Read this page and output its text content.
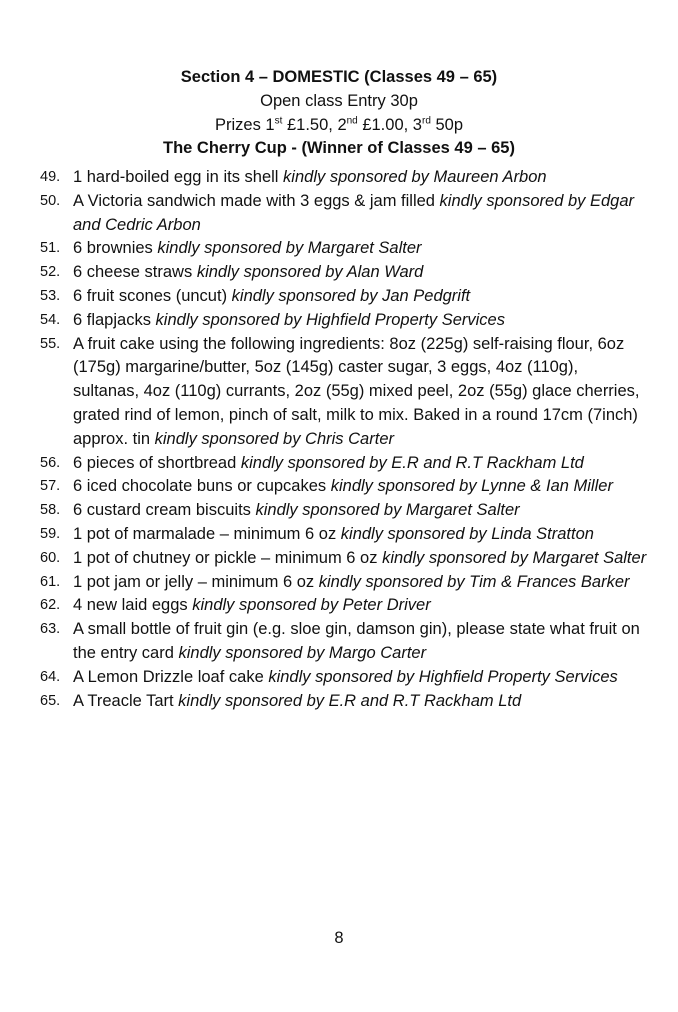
Section 4 – DOMESTIC (Classes 49 – 65)
Open class Entry 30p
Prizes 1st £1.50, 2nd £1.00, 3rd 50p
The Cherry Cup - (Winner of Classes 49 – 65)
49. 1 hard-boiled egg in its shell kindly sponsored by Maureen Arbon
50. A Victoria sandwich made with 3 eggs & jam filled kindly sponsored by Edgar and Cedric Arbon
51. 6 brownies kindly sponsored by Margaret Salter
52. 6 cheese straws kindly sponsored by Alan Ward
53. 6 fruit scones (uncut) kindly sponsored by Jan Pedgrift
54. 6 flapjacks kindly sponsored by Highfield Property Services
55. A fruit cake using the following ingredients: 8oz (225g) self-raising flour, 6oz (175g) margarine/butter, 5oz (145g) caster sugar, 3 eggs, 4oz (110g), sultanas, 4oz (110g) currants, 2oz (55g) mixed peel, 2oz (55g) glace cherries, grated rind of lemon, pinch of salt, milk to mix. Baked in a round 17cm (7inch) approx. tin kindly sponsored by Chris Carter
56. 6 pieces of shortbread kindly sponsored by E.R and R.T Rackham Ltd
57. 6 iced chocolate buns or cupcakes kindly sponsored by Lynne & Ian Miller
58. 6 custard cream biscuits kindly sponsored by Margaret Salter
59. 1 pot of marmalade – minimum 6 oz kindly sponsored by Linda Stratton
60. 1 pot of chutney or pickle – minimum 6 oz kindly sponsored by Margaret Salter
61. 1 pot jam or jelly – minimum 6 oz kindly sponsored by Tim & Frances Barker
62. 4 new laid eggs kindly sponsored by Peter Driver
63. A small bottle of fruit gin (e.g. sloe gin, damson gin), please state what fruit on the entry card kindly sponsored by Margo Carter
64. A Lemon Drizzle loaf cake kindly sponsored by Highfield Property Services
65. A Treacle Tart kindly sponsored by E.R and R.T Rackham Ltd
8
